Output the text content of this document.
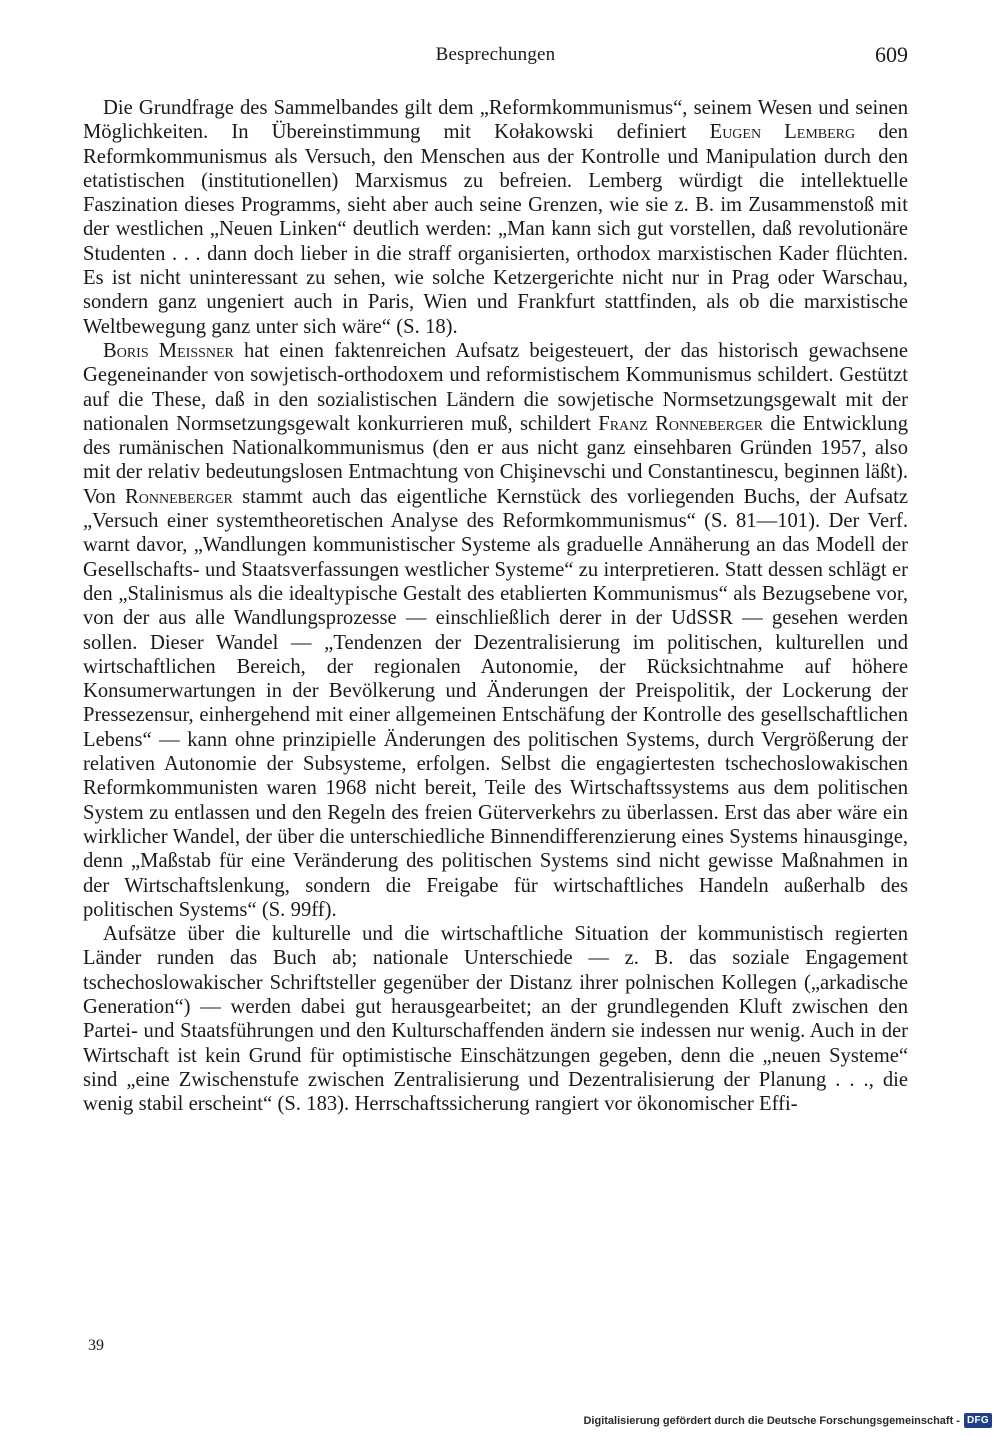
Besprechungen	609

Die Grundfrage des Sammelbandes gilt dem „Reformkommunismus“, seinem Wesen und seinen Möglichkeiten. In Übereinstimmung mit Kołakowski definiert Eugen Lemberg den Reformkommunismus als Versuch, den Menschen aus der Kontrolle und Manipulation durch den etatistischen (institutionellen) Marxismus zu befreien. Lemberg würdigt die intellektuelle Faszination dieses Programms, sieht aber auch seine Grenzen, wie sie z. B. im Zusammenstoß mit der westlichen „Neuen Linken“ deutlich werden: „Man kann sich gut vorstellen, daß revolutionäre Studenten . . . dann doch lieber in die straff organisierten, orthodox marxistischen Kader flüchten. Es ist nicht uninteressant zu sehen, wie solche Ketzergerichte nicht nur in Prag oder Warschau, sondern ganz ungeniert auch in Paris, Wien und Frankfurt stattfinden, als ob die marxistische Weltbewegung ganz unter sich wäre“ (S. 18).

Boris Meissner hat einen faktenreichen Aufsatz beigesteuert, der das historisch gewachsene Gegeneinander von sowjetisch-orthodoxem und reformistischem Kommunismus schildert. Gestützt auf die These, daß in den sozialistischen Ländern die sowjetische Normsetzungsgewalt mit der nationalen Normsetzungsgewalt konkurrieren muß, schildert Franz Ronneberger die Entwicklung des rumänischen Nationalkommunismus (den er aus nicht ganz einsehbaren Gründen 1957, also mit der relativ bedeutungslosen Entmachtung von Chişinevschi und Constantinescu, beginnen läßt). Von Ronneberger stammt auch das eigentliche Kernstück des vorliegenden Buchs, der Aufsatz „Versuch einer systemtheoretischen Analyse des Reformkommunismus“ (S. 81—101). Der Verf. warnt davor, „Wandlungen kommunistischer Systeme als graduelle Annäherung an das Modell der Gesellschafts- und Staatsverfassungen westlicher Systeme“ zu interpretieren. Statt dessen schlägt er den „Stalinismus als die idealtypische Gestalt des etablierten Kommunismus“ als Bezugsebene vor, von der aus alle Wandlungsprozesse — einschließlich derer in der UdSSR — gesehen werden sollen. Dieser Wandel — „Tendenzen der Dezentralisierung im politischen, kulturellen und wirtschaftlichen Bereich, der regionalen Autonomie, der Rücksichtnahme auf höhere Konsumerwartungen in der Bevölkerung und Änderungen der Preispolitik, der Lockerung der Pressezensur, einhergehend mit einer allgemeinen Entschäfung der Kontrolle des gesellschaftlichen Lebens“ — kann ohne prinzipielle Änderungen des politischen Systems, durch Vergrößerung der relativen Autonomie der Subsysteme, erfolgen. Selbst die engagiertesten tschechoslowakischen Reformkommunisten waren 1968 nicht bereit, Teile des Wirtschaftssystems aus dem politischen System zu entlassen und den Regeln des freien Güterverkehrs zu überlassen. Erst das aber wäre ein wirklicher Wandel, der über die unterschiedliche Binnendifferenzierung eines Systems hinausginge, denn „Maßstab für eine Veränderung des politischen Systems sind nicht gewisse Maßnahmen in der Wirtschaftslenkung, sondern die Freigabe für wirtschaftliches Handeln außerhalb des politischen Systems“ (S. 99ff).

Aufsätze über die kulturelle und die wirtschaftliche Situation der kommunistisch regierten Länder runden das Buch ab; nationale Unterschiede — z. B. das soziale Engagement tschechoslowakischer Schriftsteller gegenüber der Distanz ihrer polnischen Kollegen („arkadische Generation“) — werden dabei gut herausgearbeitet; an der grundlegenden Kluft zwischen den Partei- und Staatsführungen und den Kulturschaffenden ändern sie indessen nur wenig. Auch in der Wirtschaft ist kein Grund für optimistische Einschätzungen gegeben, denn die „neuen Systeme“ sind „eine Zwischenstufe zwischen Zentralisierung und Dezentralisierung der Planung . . ., die wenig stabil erscheint“ (S. 183). Herrschaftssicherung rangiert vor ökonomischer Effi-

39
Digitalisierung gefördert durch die Deutsche Forschungsgemeinschaft - DFG
